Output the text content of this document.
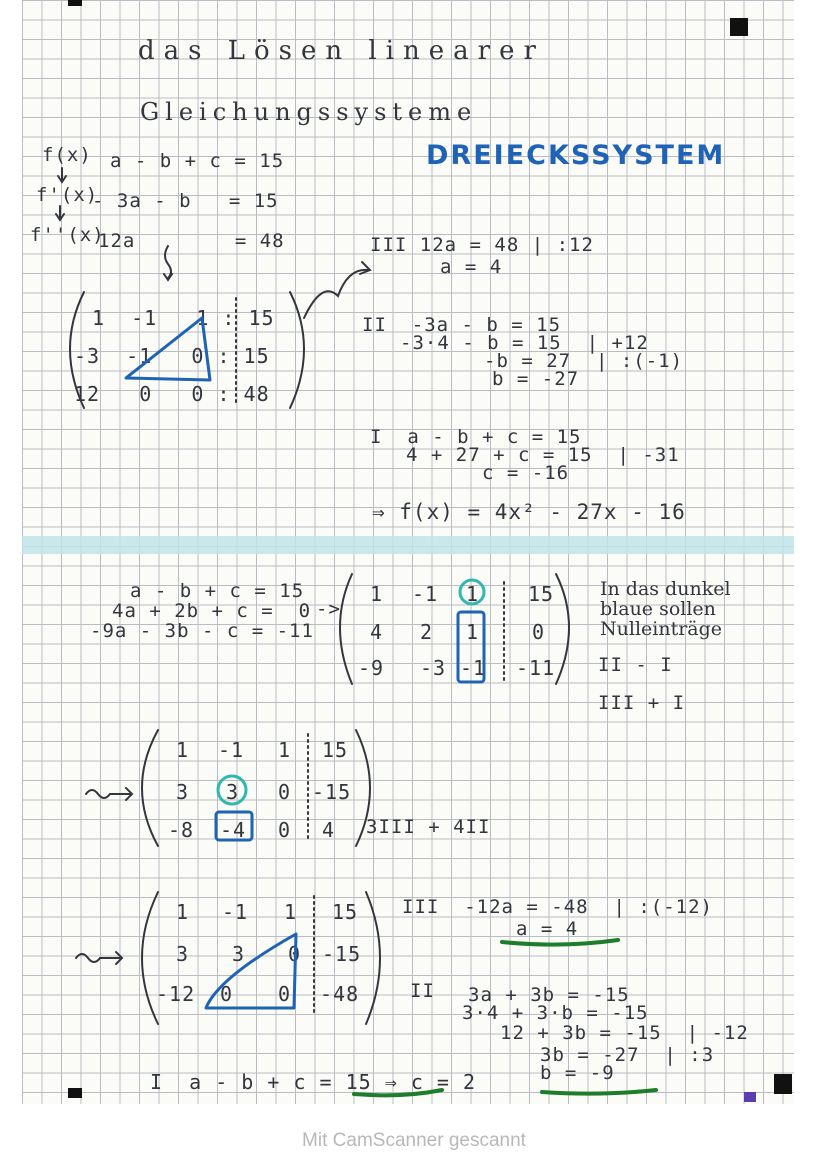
das Lösen linearer
Gleichungssysteme
DREIECKSSYSTEM
f(x)
f'(x)
f''(x)
a - b + c = 15
- 3a - b   = 15
12a        = 48
1  -1   1 : 15
-3  -1   0 : 15
12   0   0 : 48
III 12a = 48 | :12
a = 4
II  -3a - b = 15
-3·4 - b = 15  | +12
-b = 27  | :(-1)
b = -27
I  a - b + c = 15
4 + 27 + c = 15  | -31
c = -16
⇒ f(x) = 4x² - 27x - 16
a - b + c = 15
4a + 2b + c =  0
-9a - 3b - c = -11
->
1 -1 1 15
4 2 1	0
-9 -3 -1 -11
In das dunkel
blaue sollen
Nulleinträge
II - I
III + I
1 -1 1 15
3 3 0 -15
-8 -4 0 4 3III + 4II
1 -1 1 15
3 3 0 -15
-12 0 0 -48
III  -12a = -48  | :(-12)
a = 4
II 3a + 3b = -15
3·4 + 3·b = -15
12 + 3b = -15  | -12
3b = -27  | :3
b = -9
I  a - b + c = 15 ⇒ c = 2
Mit CamScanner gescannt
